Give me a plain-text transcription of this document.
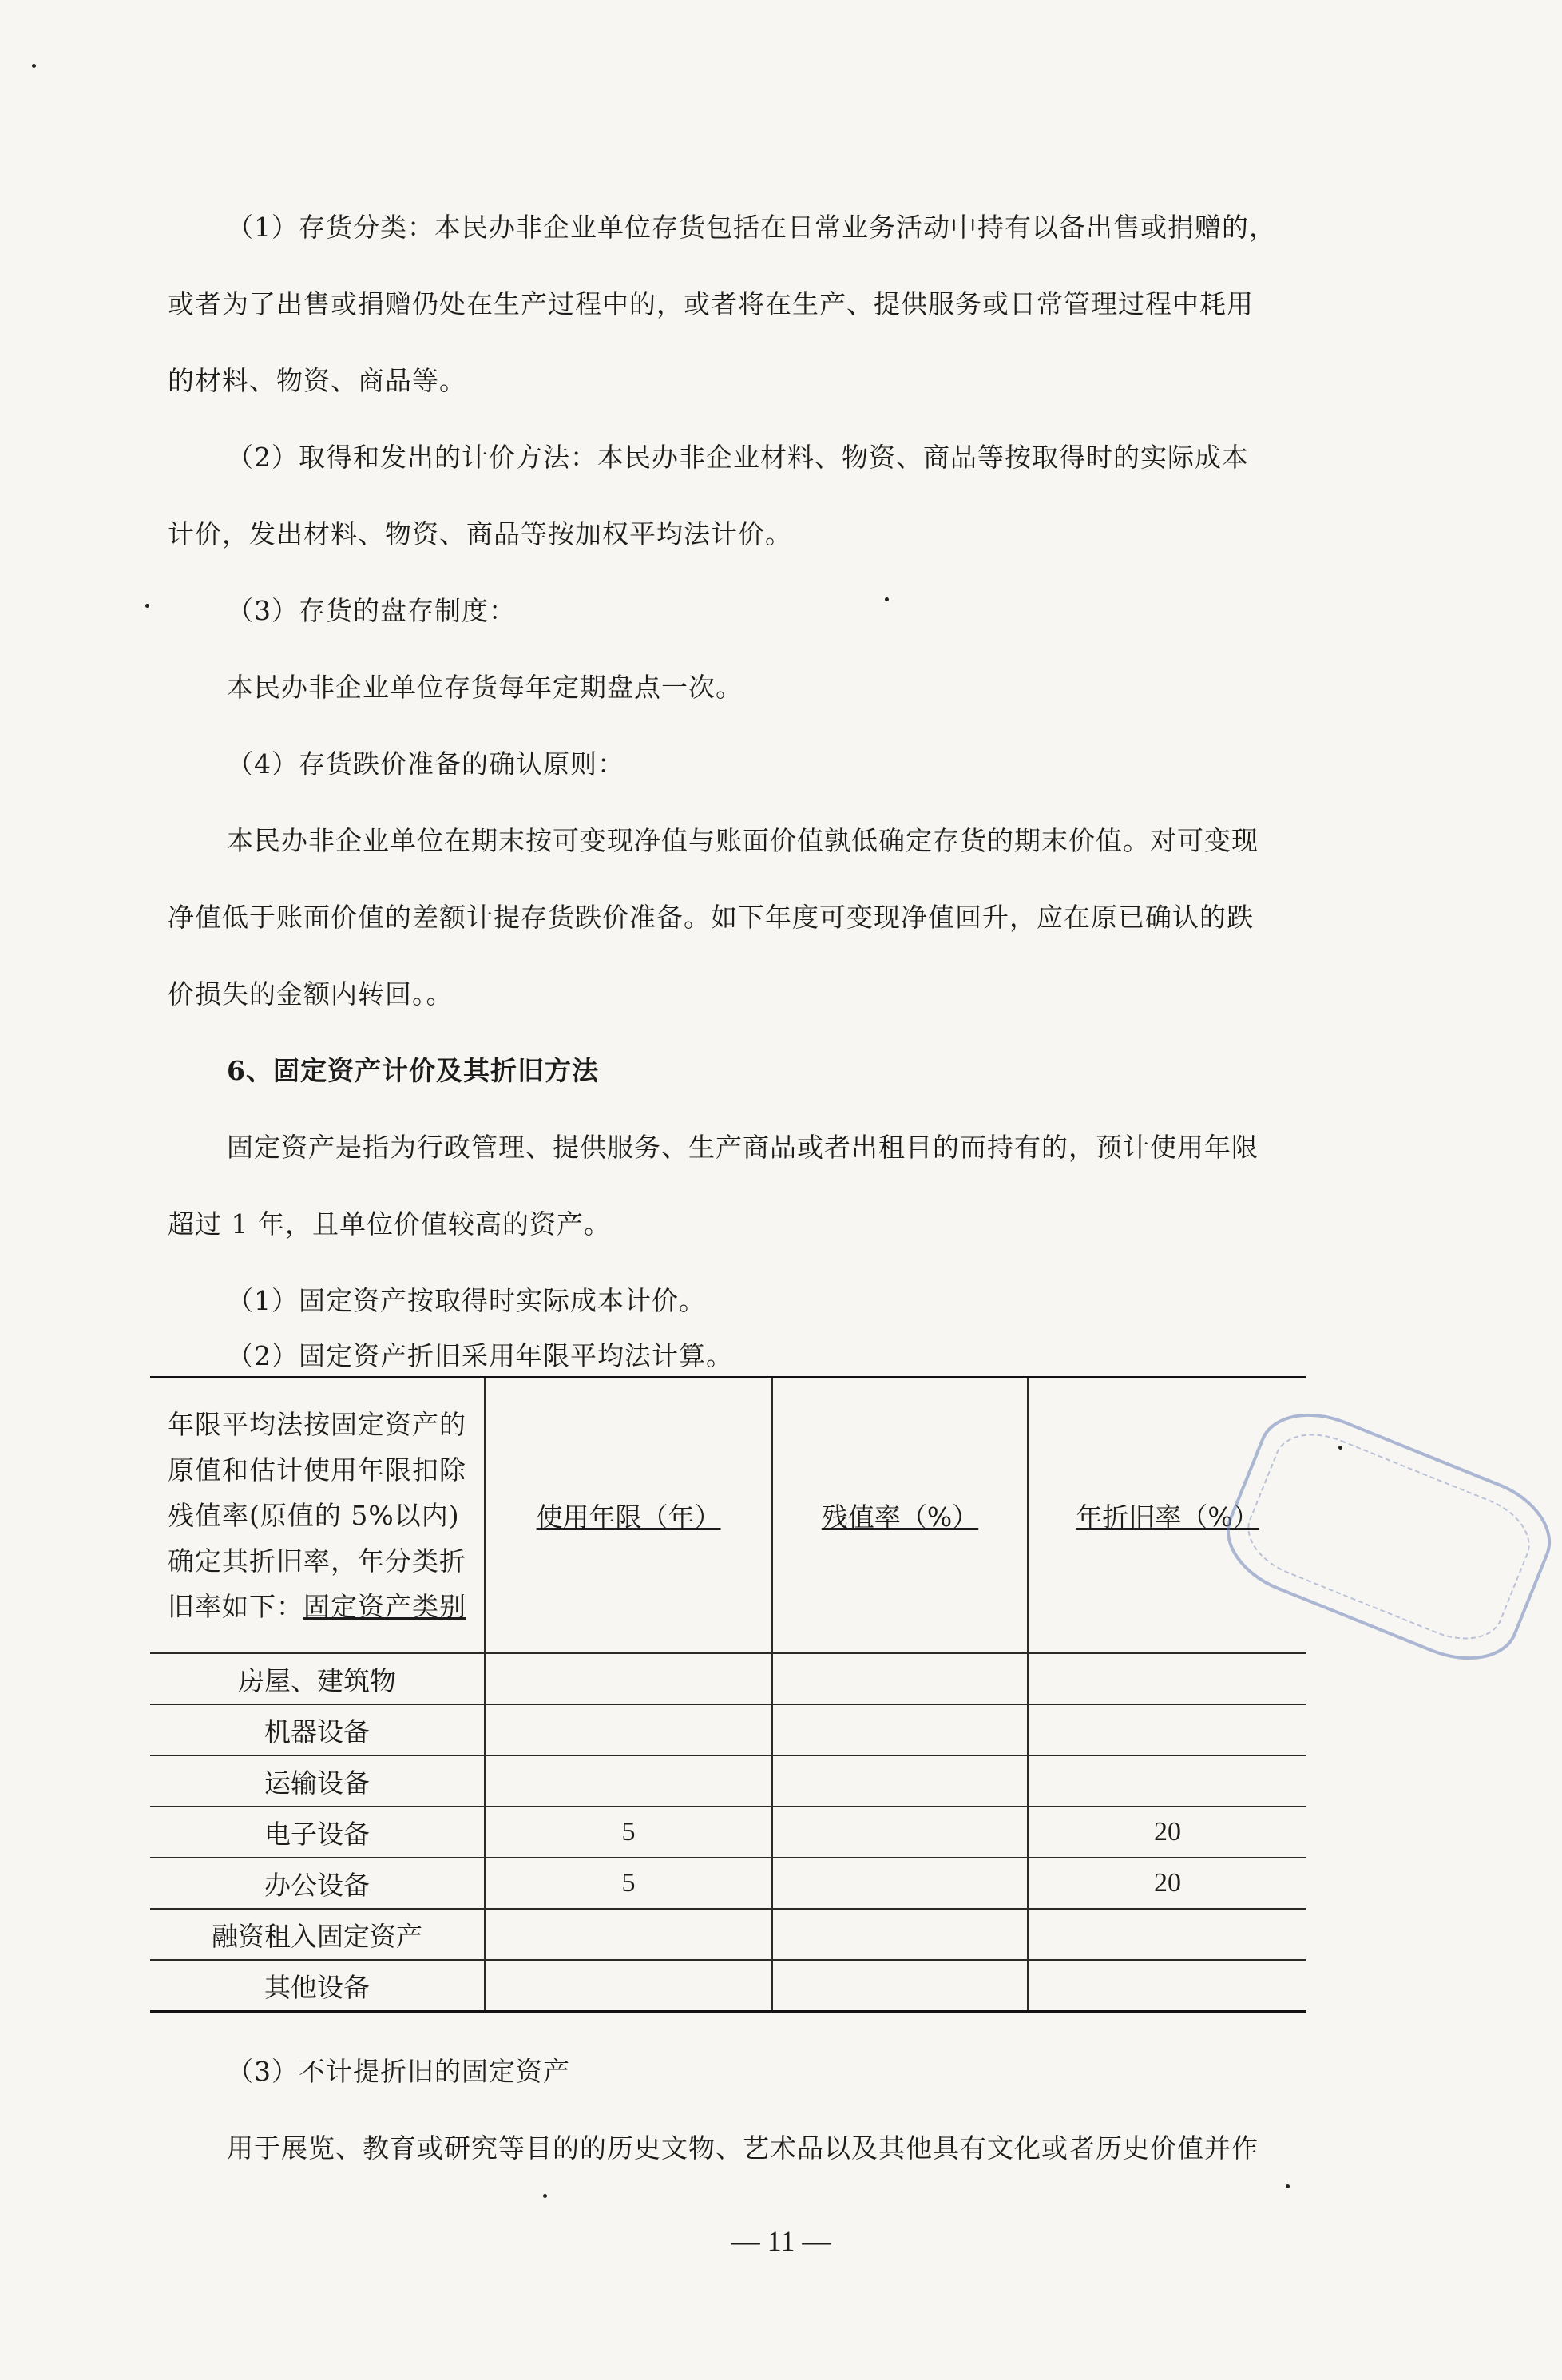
（1）存货分类：本民办非企业单位存货包括在日常业务活动中持有以备出售或捐赠的，

或者为了出售或捐赠仍处在生产过程中的，或者将在生产、提供服务或日常管理过程中耗用

的材料、物资、商品等。

（2）取得和发出的计价方法：本民办非企业材料、物资、商品等按取得时的实际成本

计价，发出材料、物资、商品等按加权平均法计价。

（3）存货的盘存制度：

本民办非企业单位存货每年定期盘点一次。

（4）存货跌价准备的确认原则：

本民办非企业单位在期末按可变现净值与账面价值孰低确定存货的期末价值。对可变现

净值低于账面价值的差额计提存货跌价准备。如下年度可变现净值回升，应在原已确认的跌

价损失的金额内转回。。

6、固定资产计价及其折旧方法

固定资产是指为行政管理、提供服务、生产商品或者出租目的而持有的，预计使用年限

超过 1 年，且单位价值较高的资产。

（1）固定资产按取得时实际成本计价。

（2）固定资产折旧采用年限平均法计算。

年限平均法按固定资产的原值和估计使用年限扣除残值率(原值的 5%以内)确定其折旧率，年分类折旧率如下：固定资产类别	使用年限（年）	残值率（%）	年折旧率（%）
房屋、建筑物			
机器设备			
运输设备			
电子设备	5		20
办公设备	5		20
融资租入固定资产			
其他设备			

（3）不计提折旧的固定资产

用于展览、教育或研究等目的的历史文物、艺术品以及其他具有文化或者历史价值并作

— 11 —
